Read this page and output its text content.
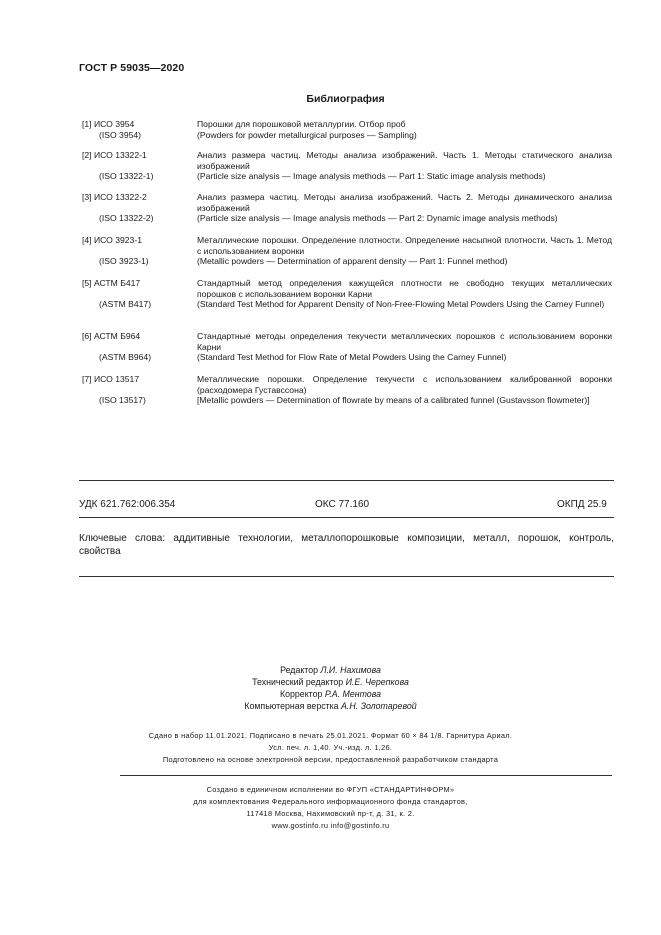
ГОСТ Р 59035—2020
Библиография
[1] ИСО 3954	Порошки для порошковой металлургии. Отбор проб
(ISO 3954)	(Powders for powder metallurgical purposes — Sampling)
[2] ИСО 13322-1	Анализ размера частиц. Методы анализа изображений. Часть 1. Методы статического анализа изображений
(ISO 13322-1)	(Particle size analysis — Image analysis methods — Part 1: Static image analysis methods)
[3] ИСО 13322-2	Анализ размера частиц. Методы анализа изображений. Часть 2. Методы динамического анализа изображений
(ISO 13322-2)	(Particle size analysis — Image analysis methods — Part 2: Dynamic image analysis methods)
[4] ИСО 3923-1	Металлические порошки. Определение плотности. Определение насыпной плотности. Часть 1. Метод с использованием воронки
(ISO 3923-1)	(Metallic powders — Determination of apparent density — Part 1: Funnel method)
[5] АСТМ Б417	Стандартный метод определения кажущейся плотности не свободно текущих металлических порошков с использованием воронки Карни
(ASTM B417)	(Standard Test Method for Apparent Density of Non-Free-Flowing Metal Powders Using the Carney Funnel)
[6] АСТМ Б964	Стандартные методы определения текучести металлических порошков с использованием воронки Карни
(ASTM B964)	(Standard Test Method for Flow Rate of Metal Powders Using the Carney Funnel)
[7] ИСО 13517	Металлические порошки. Определение текучести с использованием калиброванной воронки (расходомера Густавссона)
(ISO 13517)	[Metallic powders — Determination of flowrate by means of a calibrated funnel (Gustavsson flowmeter)]
УДК 621.762:006.354	ОКС 77.160	ОКПД 25.9
Ключевые слова: аддитивные технологии, металлопорошковые композиции, металл, порошок, контроль, свойства
Редактор Л.И. Нахимова
Технический редактор И.Е. Черепкова
Корректор Р.А. Ментова
Компьютерная верстка А.Н. Золотаревой
Сдано в набор 11.01.2021. Подписано в печать 25.01.2021. Формат 60 × 84 1/8. Гарнитура Ариал.
Усл. печ. л. 1,40. Уч.-изд. л. 1,26.
Подготовлено на основе электронной версии, предоставленной разработчиком стандарта
Создано в единичном исполнении во ФГУП «СТАНДАРТИНФОРМ»
для комплектования Федерального информационного фонда стандартов,
117418 Москва, Нахимовский пр-т, д. 31, к. 2.
www.gostinfo.ru info@gostinfo.ru
